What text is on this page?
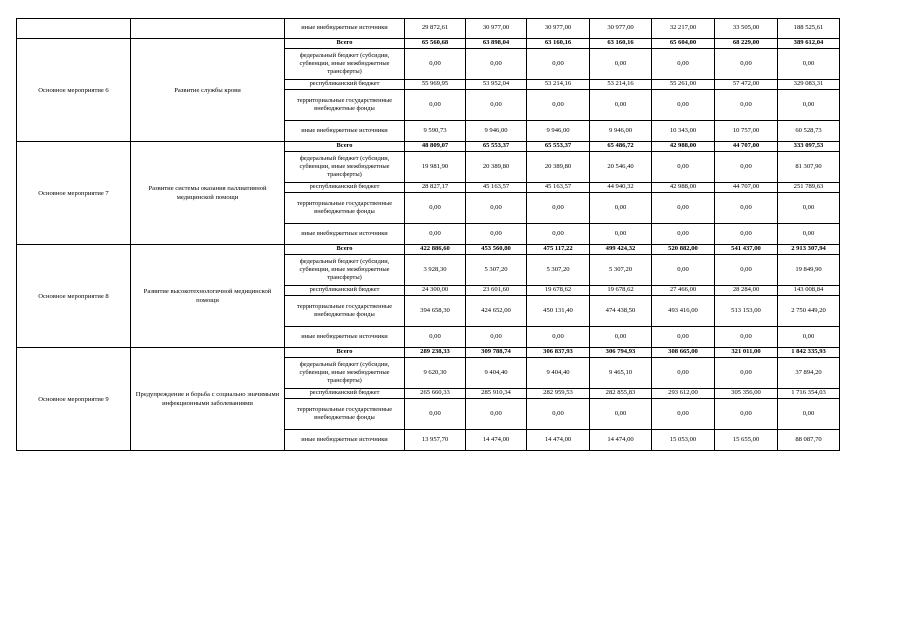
		иные внебюджетные источники	29 872,61	30 977,00	30 977,00	30 977,00	32 217,00	33 505,00	188 525,61
Основное мероприятие 6	Развитие службы крови	Всего	65 560,68	63 898,04	63 160,16	63 160,16	65 604,00	68 229,00	389 612,04
		федеральный бюджет (субсидии, субвенции, иные межбюджетные трансферты)	0,00	0,00	0,00	0,00	0,00	0,00	0,00
		республиканский бюджет	55 969,95	53 952,04	53 214,16	53 214,16	55 261,00	57 472,00	329 083,31
		территориальные государственные внебюджетные фонды	0,00	0,00	0,00	0,00	0,00	0,00	0,00
		иные внебюджетные источники	9 590,73	9 946,00	9 946,00	9 946,00	10 343,00	10 757,00	60 528,73
Основное мероприятие 7	Развитие системы оказания паллиативной медицинской помощи	Всего	48 809,07	65 553,37	65 553,37	65 486,72	42 988,00	44 707,00	333 097,53
		федеральный бюджет (субсидии, субвенции, иные межбюджетные трансферты)	19 981,90	20 389,80	20 389,80	20 546,40	0,00	0,00	81 307,90
		республиканский бюджет	28 827,17	45 163,57	45 163,57	44 940,32	42 988,00	44 707,00	251 789,63
		территориальные государственные внебюджетные фонды	0,00	0,00	0,00	0,00	0,00	0,00	0,00
		иные внебюджетные источники	0,00	0,00	0,00	0,00	0,00	0,00	0,00
Основное мероприятие 8	Развитие высокотехнологичной медицинской помощи	Всего	422 886,60	453 560,80	475 117,22	499 424,32	520 882,00	541 437,00	2 913 307,94
		федеральный бюджет (субсидии, субвенции, иные межбюджетные трансферты)	3 928,30	5 307,20	5 307,20	5 307,20	0,00	0,00	19 849,90
		республиканский бюджет	24 300,00	23 601,60	19 678,62	19 678,62	27 466,00	28 284,00	143 008,84
		территориальные государственные внебюджетные фонды	394 658,30	424 652,00	450 131,40	474 438,50	493 416,00	513 153,00	2 750 449,20
		иные внебюджетные источники	0,00	0,00	0,00	0,00	0,00	0,00	0,00
Основное мероприятие 9	Предупреждение и борьба с социально значимыми инфекционными заболеваниями	Всего	289 238,33	309 788,74	306 837,93	306 794,93	308 665,00	321 011,00	1 842 335,93
		федеральный бюджет (субсидии, субвенции, иные межбюджетные трансферты)	9 620,30	9 404,40	9 404,40	9 465,10	0,00	0,00	37 894,20
		республиканский бюджет	265 660,33	285 910,34	282 959,53	282 855,83	293 612,00	305 356,00	1 716 354,03
		территориальные государственные внебюджетные фонды	0,00	0,00	0,00	0,00	0,00	0,00	0,00
		иные внебюджетные источники	13 957,70	14 474,00	14 474,00	14 474,00	15 053,00	15 655,00	88 087,70
